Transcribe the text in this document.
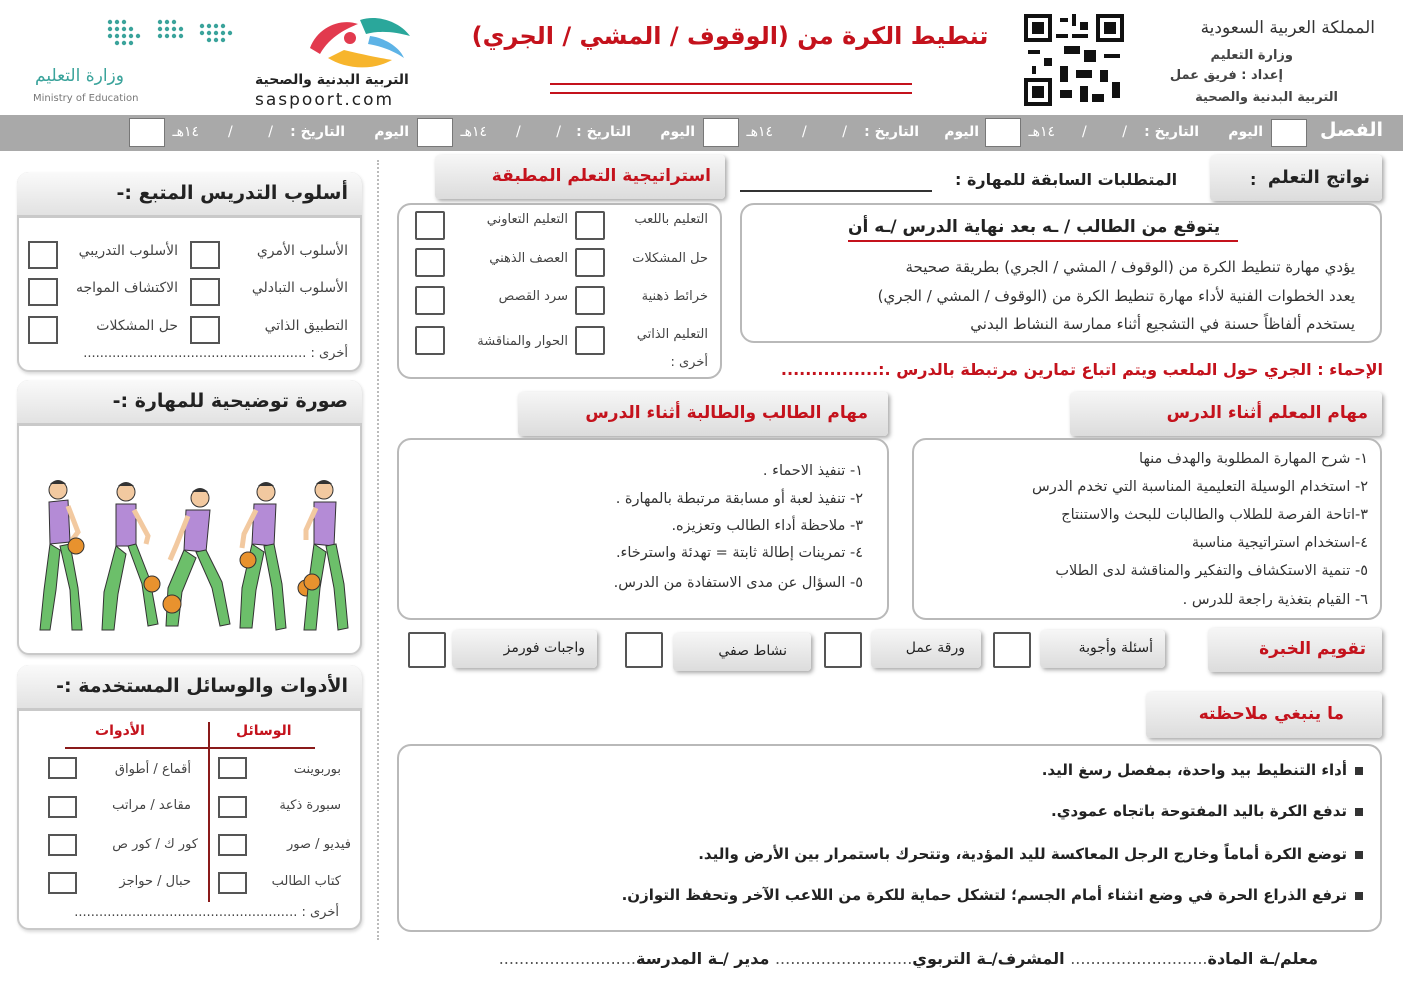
المملكة العربية السعودية
وزارة التعليم
إعداد : فريق عمل
التربية البدنية والصحية
تنطيط الكرة من (الوقوف / المشي / الجري)
التربية البدنية والصحية
saspoort.com
وزارة التعليم
Ministry of Education
الفصل
اليوم
التاريخ :
/        /
١٤هـ
اليوم
التاريخ :
/        /
١٤هـ
اليوم
التاريخ :
/        /
١٤هـ
اليوم
التاريخ :
/        /
١٤هـ
نواتج التعلم
:
المتطلبات السابقة للمهارة :
يتوقع من الطالب / ـه بعد نهاية الدرس /ـه أن
يؤدي مهارة تنطيط الكرة من (الوقوف / المشي / الجري) بطريقة صحيحة
يعدد الخطوات الفنية لأداء مهارة تنطيط الكرة من (الوقوف / المشي / الجري)
يستخدم ألفاظاً حسنة في التشجيع أثناء ممارسة النشاط البدني
استراتيجية التعلم المطبقة
التعليم باللعب
حل المشكلات
خرائط ذهنية
التعليم الذاتي
التعليم التعاوني
العصف الذهني
سرد القصص
الحوار والمناقشة
أخرى :	الإحماء : الجري حول الملعب ويتم اتباع تمارين مرتبطة بالدرس .:................
مهام المعلم أثناء الدرس
١- شرح المهارة المطلوبة والهدف منها
٢- استخدام الوسيلة التعليمية المناسبة التي تخدم الدرس
٣-اتاحة الفرصة للطلاب والطالبات للبحث والاستنتاج
٤-استخدام استراتيجية مناسبة
٥- تنمية الاستكشاف والتفكير والمناقشة لدى الطلاب
٦- القيام بتغذية راجعة للدرس .
مهام الطالب والطالبة أثناء الدرس
١- تنفيذ الاحماء .
٢- تنفيذ لعبة أو مسابقة مرتبطة بالمهارة .
٣- ملاحظة أداء الطالب وتعزيزه.
٤- تمرينات إطالة ثابتة = تهدئة واسترخاء.
٥- السؤال عن مدى الاستفادة من الدرس.
تقويم الخبرة
أسئلة وأجوبة
ورقة عمل
نشاط صفي
واجبات فورمز
ما ينبغي ملاحظته
أداء التنطيط بيد واحدة، بمفصل رسغ اليد.
تدفع الكرة باليد المفتوحة باتجاه عمودي.
توضع الكرة أماماً وخارج الرجل المعاكسة لليد المؤدية، وتتحرك باستمرار بين الأرض واليد.
ترفع الذراع الحرة في وضع انثناء أمام الجسم؛ لتشكل حماية للكرة من اللاعب الآخر وتحفظ التوازن.
معلم/ـة المادة........................... المشرف/ـة التربوي........................... مدير /ـة المدرسة...........................
أسلوب التدريس المتبع :-
الأسلوب الأمري
الأسلوب التبادلي
التطبيق الذاتي
الأسلوب التدريبي
الاكتشاف المواجه
حل المشكلات
أخرى : ......................................................
صورة توضيحية للمهارة :-
الأدوات والوسائل المستخدمة :-
الوسائل
الأدوات
بوربوينت
سبورة ذكية
فيديو / صور
كتاب الطالب
أقماع / أطواق
مقاعد / مراتب
كور ك / كور ص
حبال / حواجز
أخرى : ......................................................
